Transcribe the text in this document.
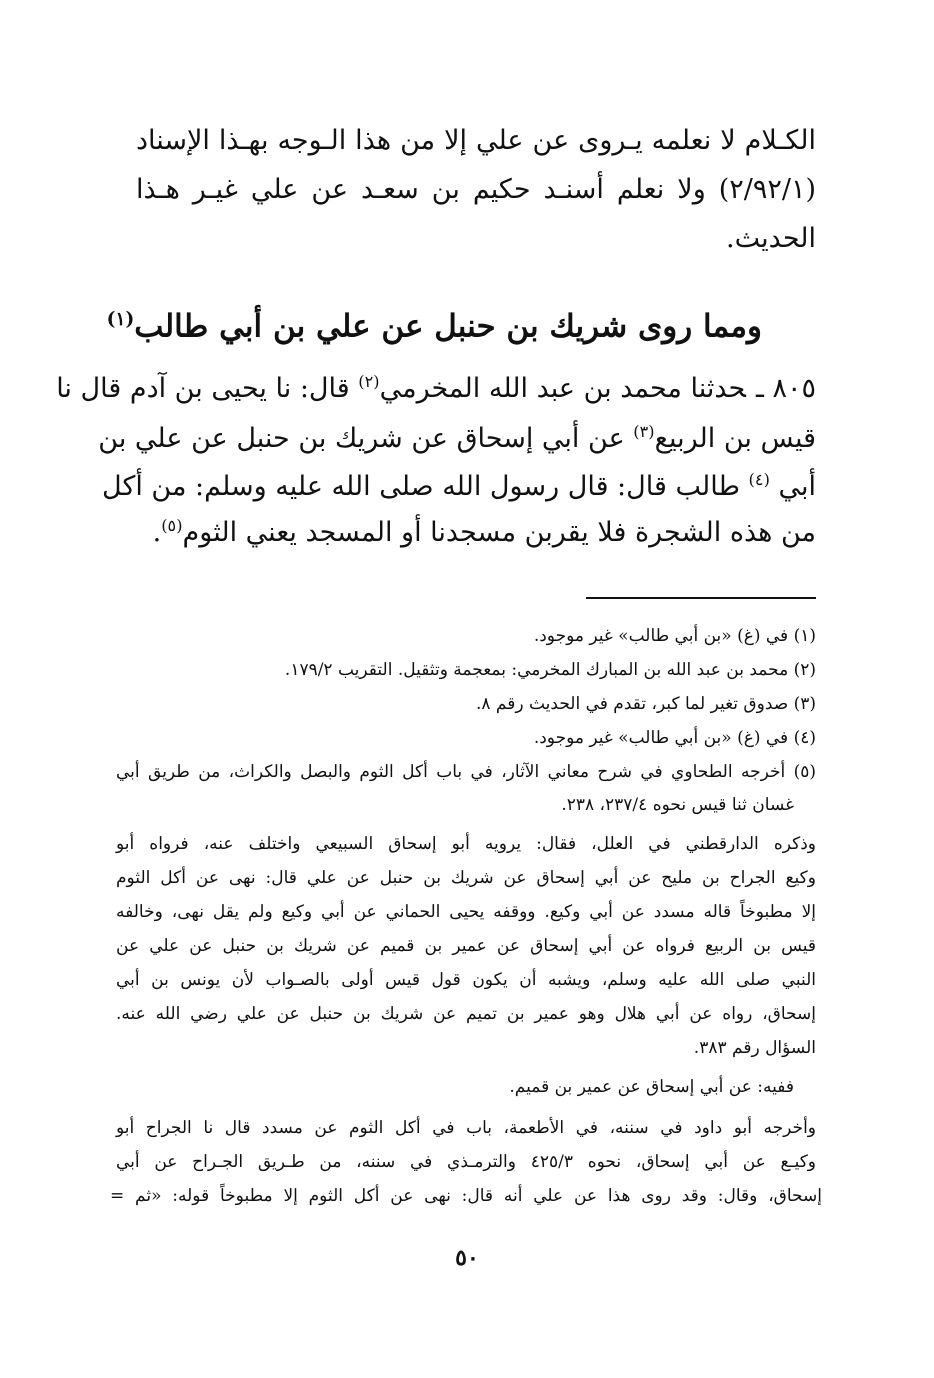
الكـلام لا نعلمه يـروى عن علي إلا من هذا الـوجه بهـذا الإسناد
(٢/٩٢/١) ولا نعلم أسنـد حكيم بن سعـد عن علي غيـر هـذا
الحديث.
ومما روى شريك بن حنبل عن علي بن أبي طالب$^{(١)}$
٨٠٥ ـحدثنا محمد بن عبد الله المخرمي$^{(٢)}$ قال: نا يحيى بن آدم قال نا
قيس بن الربيع$^{(٣)}$ عن أبي إسحاق عن شريك بن حنبل عن علي بن
أبي $^{(٤)}$ طالب قال: قال رسول الله صلى الله عليه وسلم: من أكل
من هذه الشجرة فلا يقربن مسجدنا أو المسجد يعني الثوم$^{(٥)}$.
(١) في (غ) «بن أبي طالب» غير موجود.
(٢) محمد بن عبد الله بن المبارك المخرمي: بمعجمة وتثقيل. التقريب ١٧٩/٢.
(٣) صدوق تغير لما كبر، تقدم في الحديث رقم ٨.
(٤) في (غ) «بن أبي طالب» غير موجود.
(٥) أخرجه الطحاوي في شرح معاني الآثار، في باب أكل الثوم والبصل والكراث، من طريق أبي
غسان ثنا قيس نحوه ٢٣٧/٤، ٢٣٨.
وذكره الدارقطني في العلل، فقال: يرويه أبو إسحاق السبيعي واختلف عنه، فرواه أبو
وكيع الجراح بن مليح عن أبي إسحاق عن شريك بن حنبل عن علي قال: نهى عن أكل الثوم
إلا مطبوخاً قاله مسدد عن أبي وكيع. ووقفه يحيى الحماني عن أبي وكيع ولم يقل نهى، وخالفه
قيس بن الربيع فرواه عن أبي إسحاق عن عمير بن قميم عن شريك بن حنبل عن علي عن
النبي صلى الله عليه وسلم، ويشبه أن يكون قول قيس أولى بالصـواب لأن يونس بن أبي
إسحاق، رواه عن أبي هلال وهو عمير بن تميم عن شريك بن حنبل عن علي رضي الله عنه.
السؤال رقم ٣٨٣.
ففيه: عن أبي إسحاق عن عمير بن قميم.
وأخرجه أبو داود في سننه، في الأطعمة، باب في أكل الثوم عن مسدد قال نا الجراح أبو
وكيـع عن أبي إسحاق، نحوه ٤٢٥/٣ والترمـذي في سننه، من طـريق الجـراح عن أبي
إسحاق، وقال: وقد روى هذا عن علي أنه قال: نهى عن أكل الثوم إلا مطبوخاً قوله: «ثم =
٥٠
